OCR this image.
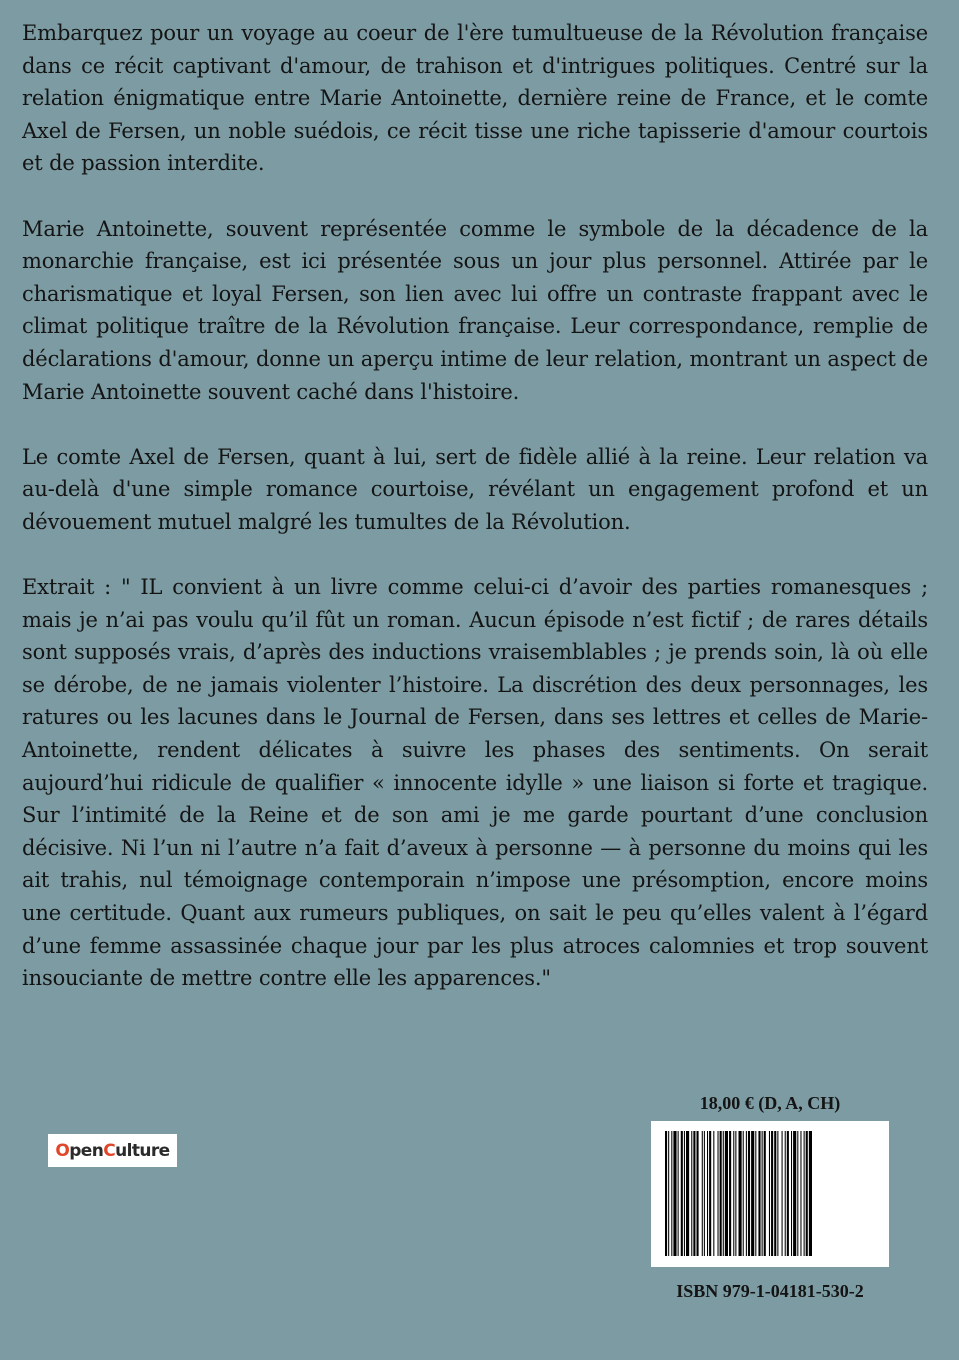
Embarquez pour un voyage au coeur de l'ère tumultueuse de la Révolution française dans ce récit captivant d'amour, de trahison et d'intrigues politiques. Centré sur la relation énigmatique entre Marie Antoinette, dernière reine de France, et le comte Axel de Fersen, un noble suédois, ce récit tisse une riche tapisserie d'amour courtois et de passion interdite.

Marie Antoinette, souvent représentée comme le symbole de la décadence de la monarchie française, est ici présentée sous un jour plus personnel. Attirée par le charismatique et loyal Fersen, son lien avec lui offre un contraste frappant avec le climat politique traître de la Révolution française. Leur correspondance, remplie de déclarations d'amour, donne un aperçu intime de leur relation, montrant un aspect de Marie Antoinette souvent caché dans l'histoire.

Le comte Axel de Fersen, quant à lui, sert de fidèle allié à la reine. Leur relation va au-delà d'une simple romance courtoise, révélant un engagement profond et un dévouement mutuel malgré les tumultes de la Révolution.

Extrait : " IL convient à un livre comme celui-ci d’avoir des parties romanesques ; mais je n’ai pas voulu qu’il fût un roman. Aucun épisode n’est fictif ; de rares détails sont supposés vrais, d’après des inductions vraisemblables ; je prends soin, là où elle se dérobe, de ne jamais violenter l’histoire. La discrétion des deux personnages, les ratures ou les lacunes dans le Journal de Fersen, dans ses lettres et celles de Marie-Antoinette, rendent délicates à suivre les phases des sentiments. On serait aujourd’hui ridicule de qualifier « innocente idylle » une liaison si forte et tragique. Sur l’intimité de la Reine et de son ami je me garde pourtant d’une conclusion décisive. Ni l’un ni l’autre n’a fait d’aveux à personne — à personne du moins qui les ait trahis, nul témoignage contemporain n’impose une présomption, encore moins une certitude. Quant aux rumeurs publiques, on sait le peu qu’elles valent à l’égard d’une femme assassinée chaque jour par les plus atroces calomnies et trop souvent insouciante de mettre contre elle les apparences."

O pen C ulture
18,00 € (D, A, CH)
ISBN 979-1-04181-530-2
